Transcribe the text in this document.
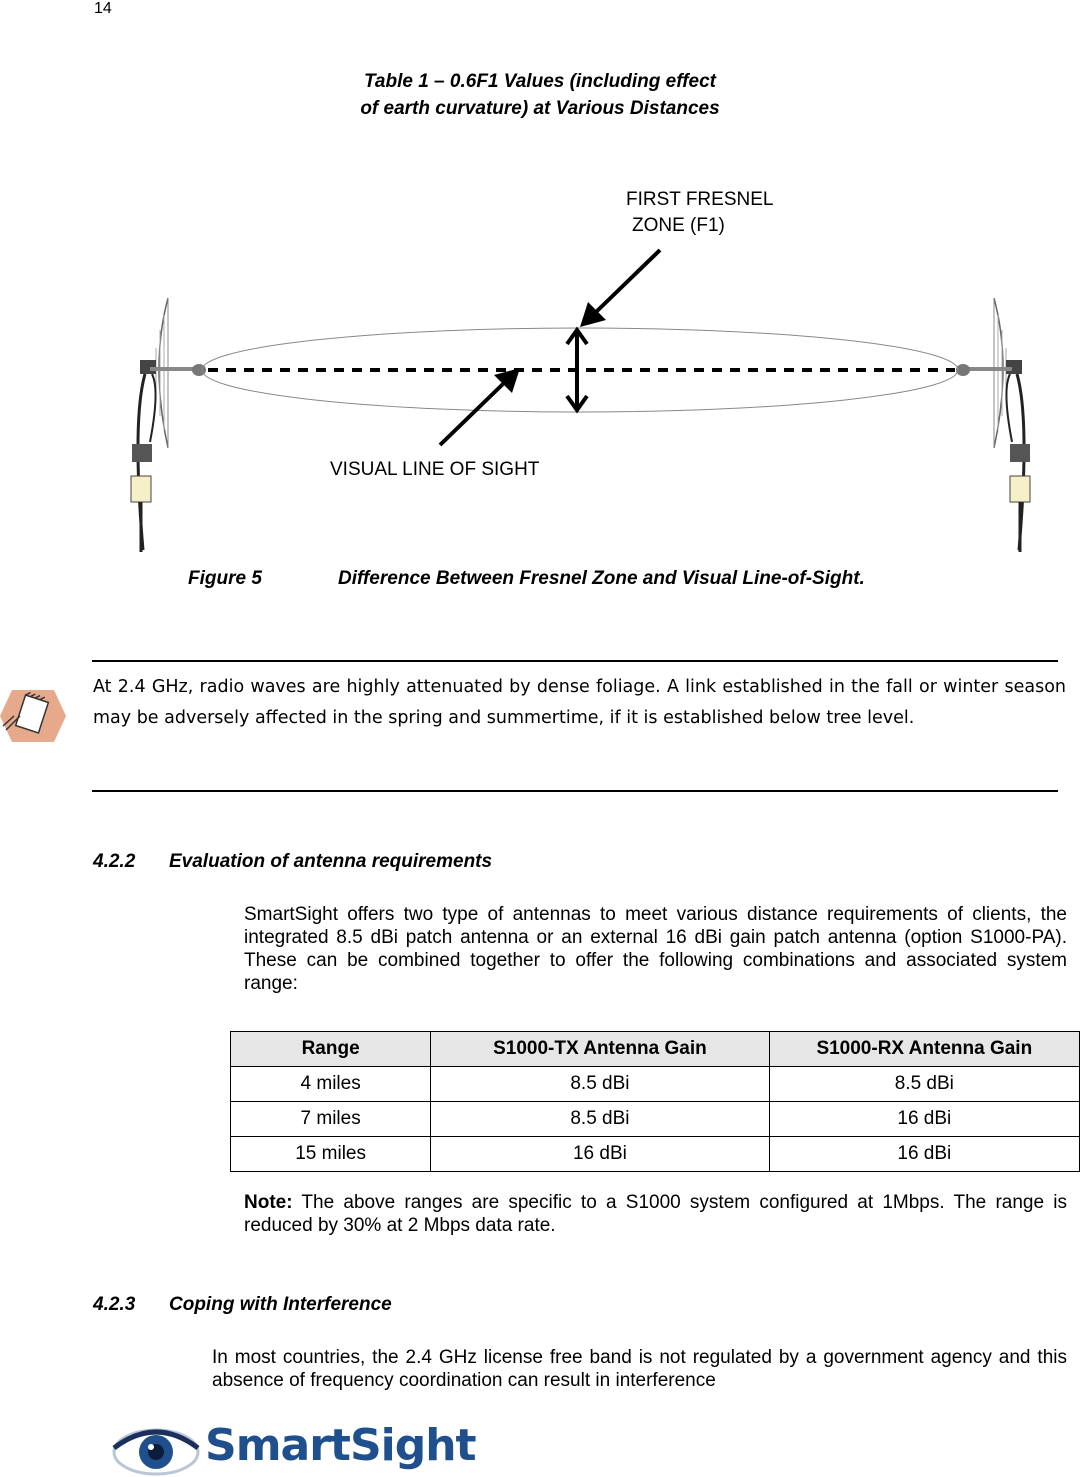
14
Table 1 – 0.6F1 Values (including effect
of earth curvature) at Various Distances
FIRST FRESNEL
ZONE (F1)
VISUAL LINE OF SIGHT
Figure 5	Difference Between Fresnel Zone and Visual Line-of-Sight.
At 2.4 GHz, radio waves are highly attenuated by dense foliage. A link established in the fall or winter season may be adversely affected in the spring and summertime, if it is established below tree level.
4.2.2 Evaluation of antenna requirements
SmartSight offers two type of antennas to meet various distance requirements of clients, the integrated 8.5 dBi patch antenna or an external 16 dBi gain patch antenna (option S1000-PA). These can be combined together to offer the following combinations and associated system range:
Range	S1000-TX Antenna Gain	S1000-RX Antenna Gain
4 miles	8.5 dBi	8.5 dBi
7 miles	8.5 dBi	16 dBi
15 miles	16 dBi	16 dBi
Note: The above ranges are specific to a S1000 system configured at 1Mbps. The range is reduced by 30% at 2 Mbps data rate.
4.2.3 Coping with Interference
In most countries, the 2.4 GHz license free band is not regulated by a government agency and this absence of frequency coordination can result in interference
SmartSight
